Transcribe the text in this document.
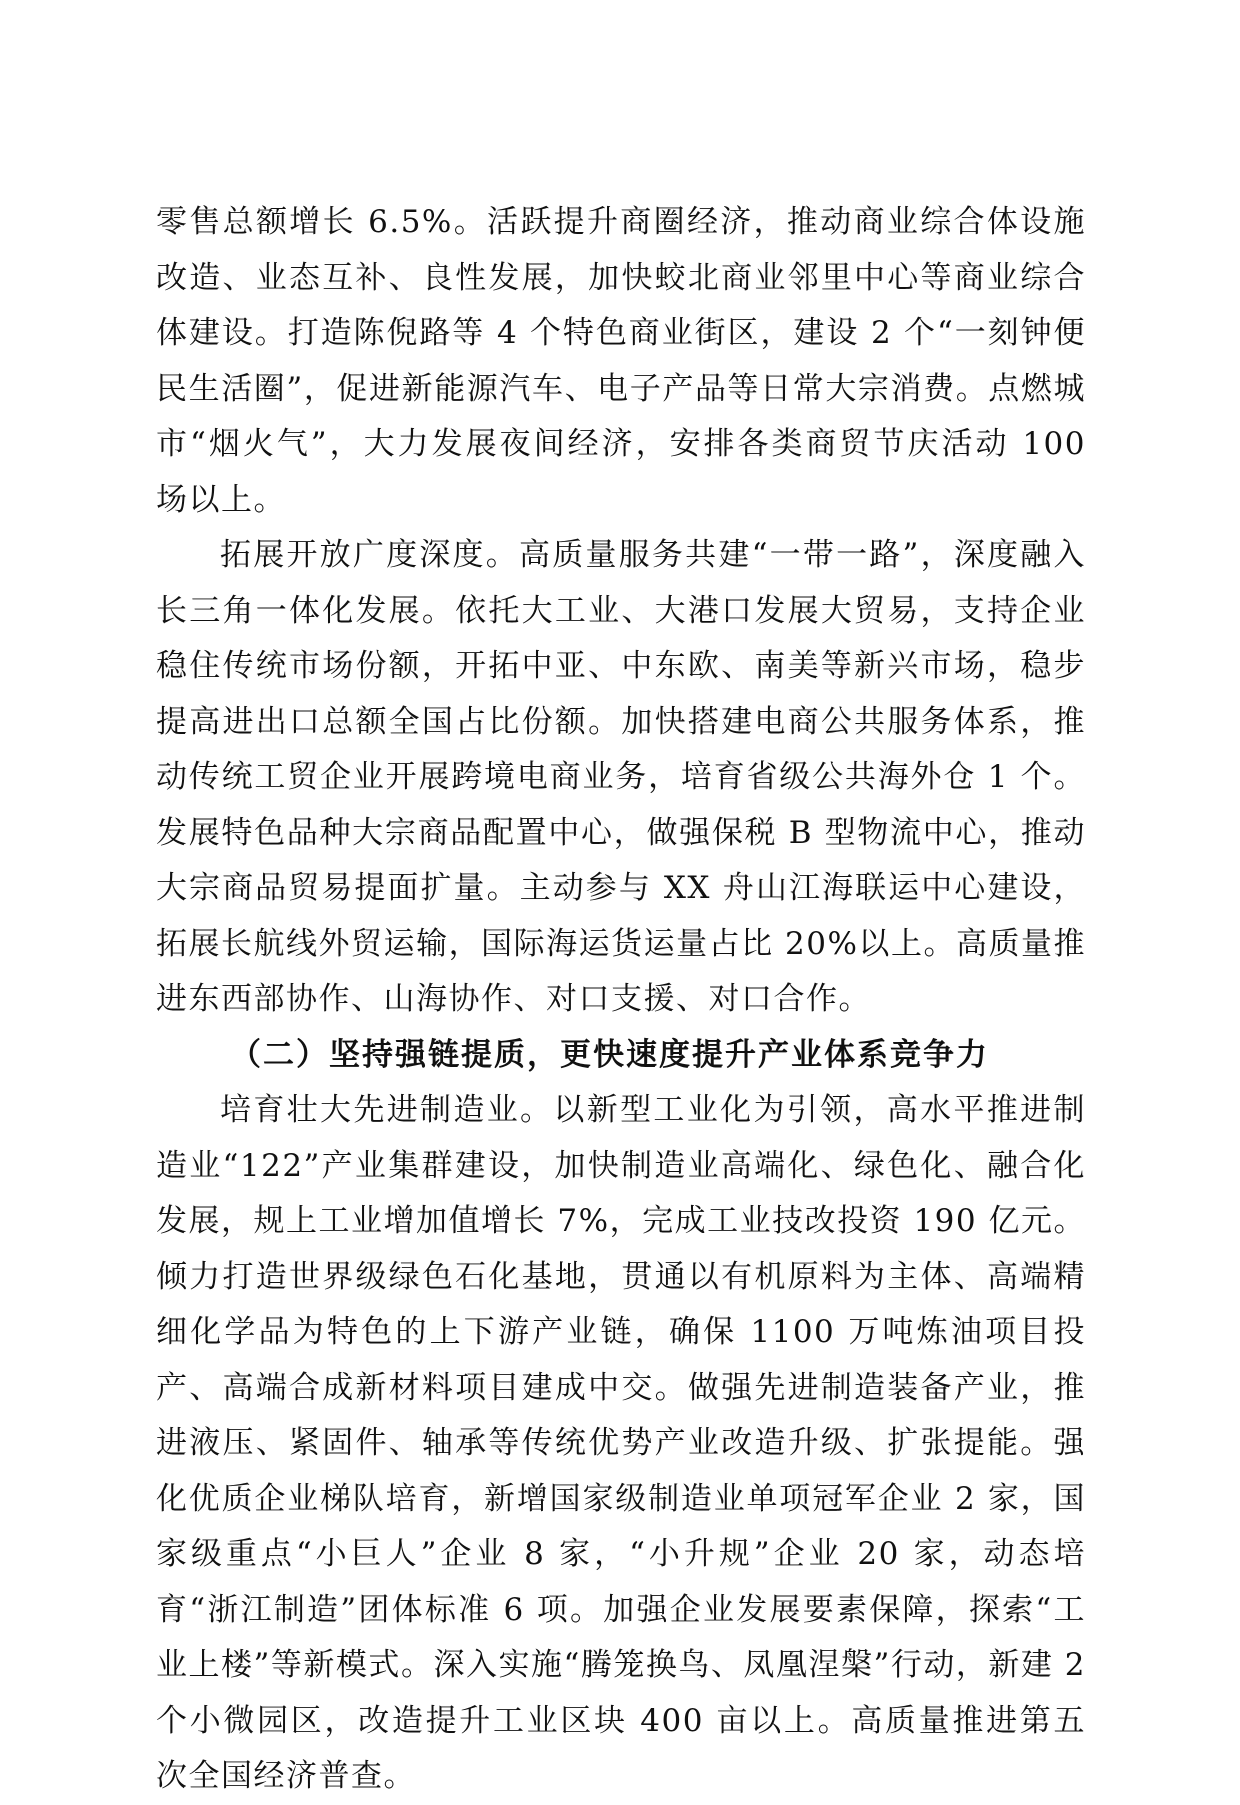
零售总额增长 6.5%。活跃提升商圈经济，推动商业综合体设施改造、业态互补、良性发展，加快蛟北商业邻里中心等商业综合体建设。打造陈倪路等 4 个特色商业街区，建设 2 个“一刻钟便民生活圈”，促进新能源汽车、电子产品等日常大宗消费。点燃城市“烟火气”，大力发展夜间经济，安排各类商贸节庆活动 100 场以上。

拓展开放广度深度。高质量服务共建“一带一路”，深度融入长三角一体化发展。依托大工业、大港口发展大贸易，支持企业稳住传统市场份额，开拓中亚、中东欧、南美等新兴市场，稳步提高进出口总额全国占比份额。加快搭建电商公共服务体系，推动传统工贸企业开展跨境电商业务，培育省级公共海外仓 1 个。发展特色品种大宗商品配置中心，做强保税 B 型物流中心，推动大宗商品贸易提面扩量。主动参与 XX 舟山江海联运中心建设，拓展长航线外贸运输，国际海运货运量占比 20%以上。高质量推进东西部协作、山海协作、对口支援、对口合作。

（二）坚持强链提质，更快速度提升产业体系竞争力

培育壮大先进制造业。以新型工业化为引领，高水平推进制造业“122”产业集群建设，加快制造业高端化、绿色化、融合化发展，规上工业增加值增长 7%，完成工业技改投资 190 亿元。倾力打造世界级绿色石化基地，贯通以有机原料为主体、高端精细化学品为特色的上下游产业链，确保 1100 万吨炼油项目投产、高端合成新材料项目建成中交。做强先进制造装备产业，推进液压、紧固件、轴承等传统优势产业改造升级、扩张提能。强化优质企业梯队培育，新增国家级制造业单项冠军企业 2 家，国家级重点“小巨人”企业 8 家，“小升规”企业 20 家，动态培育“浙江制造”团体标准 6 项。加强企业发展要素保障，探索“工业上楼”等新模式。深入实施“腾笼换鸟、凤凰涅槃”行动，新建 2 个小微园区，改造提升工业区块 400 亩以上。高质量推进第五次全国经济普查。
